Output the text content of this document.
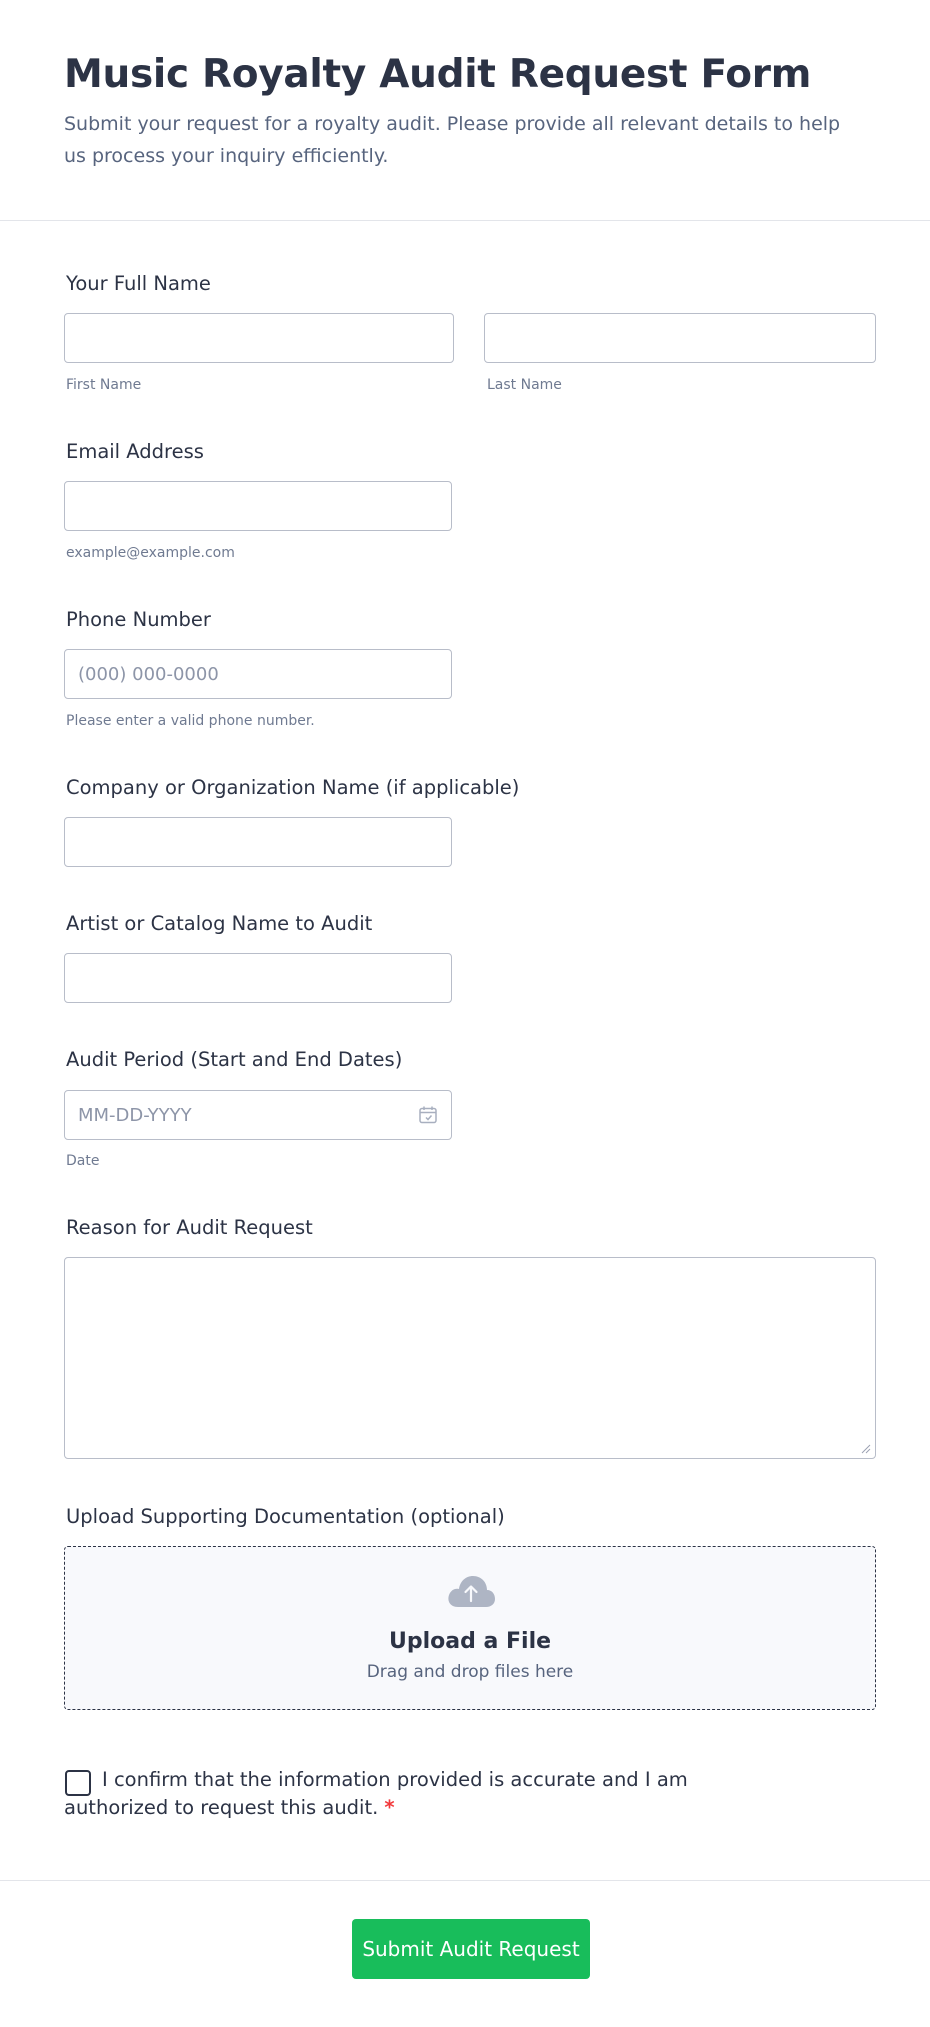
Music Royalty Audit Request Form

Submit your request for a royalty audit. Please provide all relevant details to help us process your inquiry efficiently.

Your Full Name
First Name	Last Name
Email Address
example@example.com
Phone Number
(000) 000-0000
Please enter a valid phone number.
Company or Organization Name (if applicable)
Artist or Catalog Name to Audit
Audit Period (Start and End Dates)
MM-DD-YYYY
Date
Reason for Audit Request
Upload Supporting Documentation (optional)
Upload a File
Drag and drop files here

I confirm that the information provided is accurate and I am authorized to request this audit. *

Submit Audit Request
